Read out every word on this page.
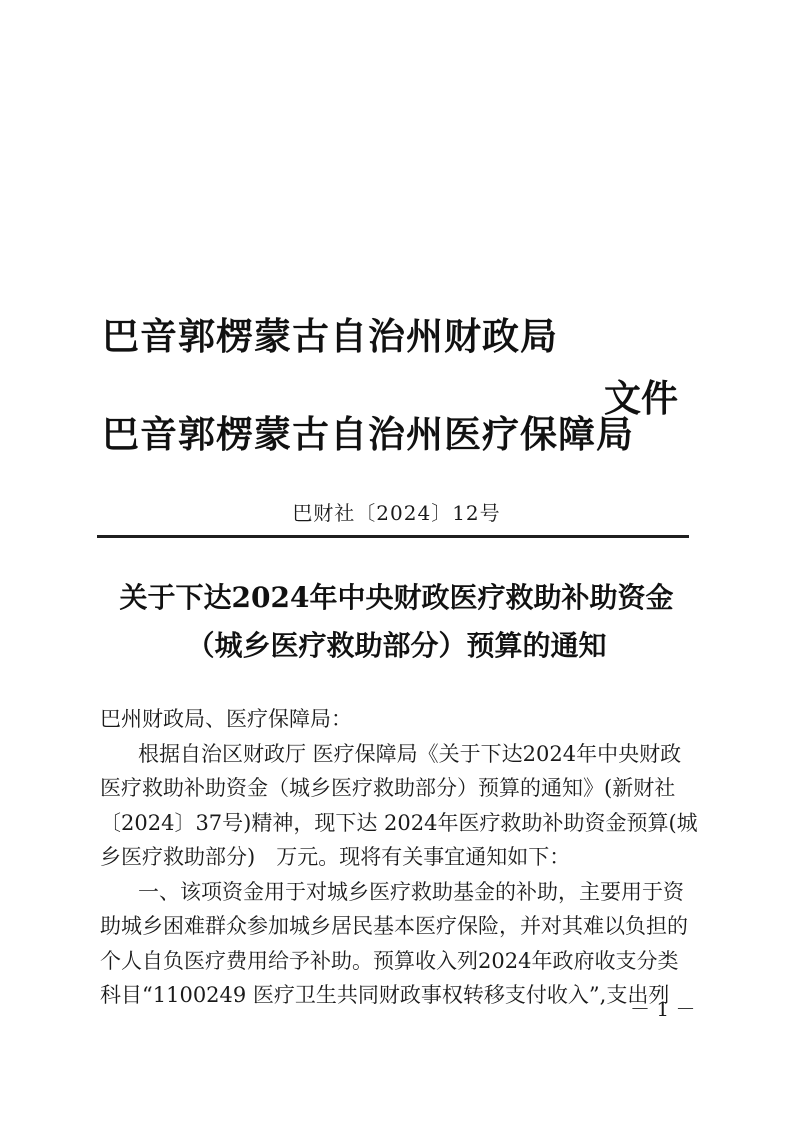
巴音郭楞蒙古自治州财政局
文件
巴音郭楞蒙古自治州医疗保障局
巴财社〔2024〕12号
关于下达2024年中央财政医疗救助补助资金
（城乡医疗救助部分）预算的通知
巴州财政局、医疗保障局：
根据自治区财政厅 医疗保障局《关于下达2024年中央财政
医疗救助补助资金（城乡医疗救助部分）预算的通知》(新财社
〔2024〕37号)精神，现下达 2024年医疗救助补助资金预算(城
乡医疗救助部分)　万元。现将有关事宜通知如下：
一、该项资金用于对城乡医疗救助基金的补助，主要用于资
助城乡困难群众参加城乡居民基本医疗保险，并对其难以负担的
个人自负医疗费用给予补助。预算收入列2024年政府收支分类
科目“1100249 医疗卫生共同财政事权转移支付收入”,支出列
－ 1 －
